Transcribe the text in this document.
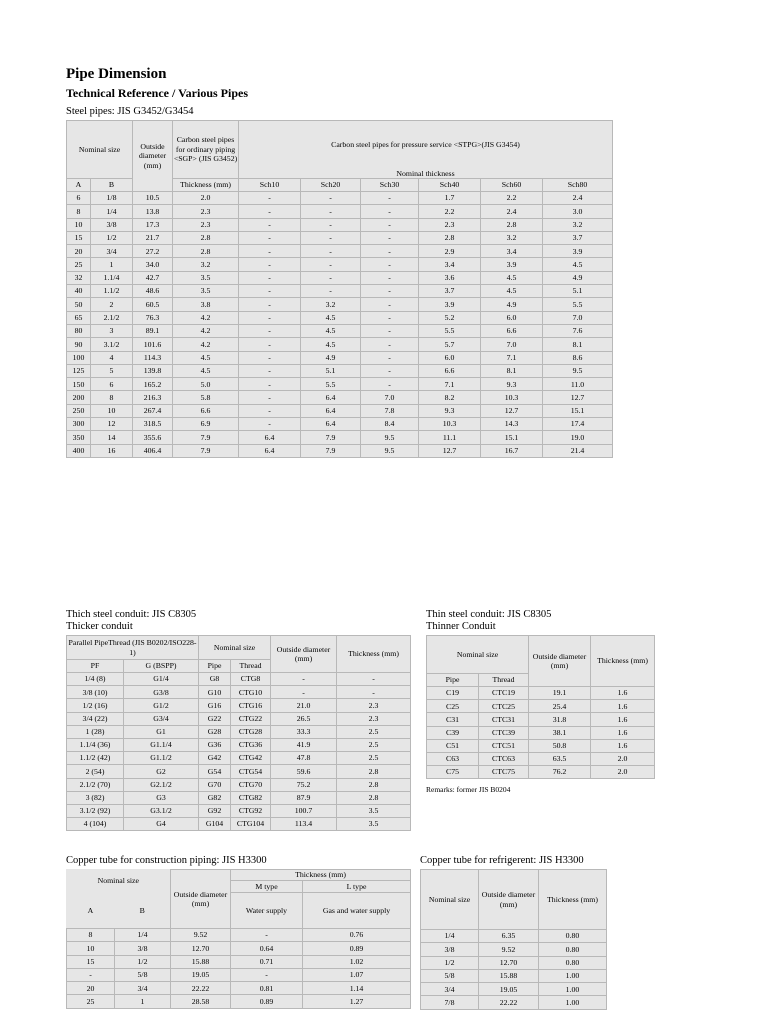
Pipe Dimension

Technical Reference / Various Pipes

Steel pipes: JIS G3452/G3454
Nominal size		Outside diameter (mm)	Carbon steel pipes for ordinary piping <SGP> (JIS G3452)	Carbon steel pipes for pressure service <STPG>(JIS G3454)					
				Nominal thickness					
A	B		Thickness (mm)	Sch10	Sch20	Sch30	Sch40	Sch60	Sch80
6	1/8	10.5	2.0	-	-	-	1.7	2.2	2.4
8	1/4	13.8	2.3	-	-	-	2.2	2.4	3.0
10	3/8	17.3	2.3	-	-	-	2.3	2.8	3.2
15	1/2	21.7	2.8	-	-	-	2.8	3.2	3.7
20	3/4	27.2	2.8	-	-	-	2.9	3.4	3.9
25	1	34.0	3.2	-	-	-	3.4	3.9	4.5
32	1.1/4	42.7	3.5	-	-	-	3.6	4.5	4.9
40	1.1/2	48.6	3.5	-	-	-	3.7	4.5	5.1
50	2	60.5	3.8	-	3.2	-	3.9	4.9	5.5
65	2.1/2	76.3	4.2	-	4.5	-	5.2	6.0	7.0
80	3	89.1	4.2	-	4.5	-	5.5	6.6	7.6
90	3.1/2	101.6	4.2	-	4.5	-	5.7	7.0	8.1
100	4	114.3	4.5	-	4.9	-	6.0	7.1	8.6
125	5	139.8	4.5	-	5.1	-	6.6	8.1	9.5
150	6	165.2	5.0	-	5.5	-	7.1	9.3	11.0
200	8	216.3	5.8	-	6.4	7.0	8.2	10.3	12.7
250	10	267.4	6.6	-	6.4	7.8	9.3	12.7	15.1
300	12	318.5	6.9	-	6.4	8.4	10.3	14.3	17.4
350	14	355.6	7.9	6.4	7.9	9.5	11.1	15.1	19.0
400	16	406.4	7.9	6.4	7.9	9.5	12.7	16.7	21.4
Thich steel conduit: JIS C8305
Thicker conduit
Parallel PipeThread (JIS B0202/ISO228-1)		Nominal size		Outside diameter (mm)	Thickness (mm)
PF	G (BSPP)	Pipe	Thread		
1/4 (8)	G1/4	G8	CTG8	-	-
3/8 (10)	G3/8	G10	CTG10	-	-
1/2 (16)	G1/2	G16	CTG16	21.0	2.3
3/4 (22)	G3/4	G22	CTG22	26.5	2.3
1 (28)	G1	G28	CTG28	33.3	2.5
1.1/4 (36)	G1.1/4	G36	CTG36	41.9	2.5
1.1/2 (42)	G1.1/2	G42	CTG42	47.8	2.5
2 (54)	G2	G54	CTG54	59.6	2.8
2.1/2 (70)	G2.1/2	G70	CTG70	75.2	2.8
3 (82)	G3	G82	CTG82	87.9	2.8
3.1/2 (92)	G3.1/2	G92	CTG92	100.7	3.5
4 (104)	G4	G104	CTG104	113.4	3.5
Thin steel conduit: JIS C8305
Thinner Conduit
Nominal size		Outside diameter (mm)	Thickness (mm)
Pipe	Thread		
C19	CTC19	19.1	1.6
C25	CTC25	25.4	1.6
C31	CTC31	31.8	1.6
C39	CTC39	38.1	1.6
C51	CTC51	50.8	1.6
C63	CTC63	63.5	2.0
C75	CTC75	76.2	2.0
Remarks: former JIS B0204
Copper tube for construction piping: JIS H3300
Nominal size		Outside diameter (mm)	Thickness (mm)	
			M type	L type
A	B		Water supply	Gas and water supply
8	1/4	9.52	-	0.76
10	3/8	12.70	0.64	0.89
15	1/2	15.88	0.71	1.02
-	5/8	19.05	-	1.07
20	3/4	22.22	0.81	1.14
25	1	28.58	0.89	1.27
Copper tube for refrigerent: JIS H3300
Nominal size	Outside diameter (mm)	Thickness (mm)
1/4	6.35	0.80
3/8	9.52	0.80
1/2	12.70	0.80
5/8	15.88	1.00
3/4	19.05	1.00
7/8	22.22	1.00
